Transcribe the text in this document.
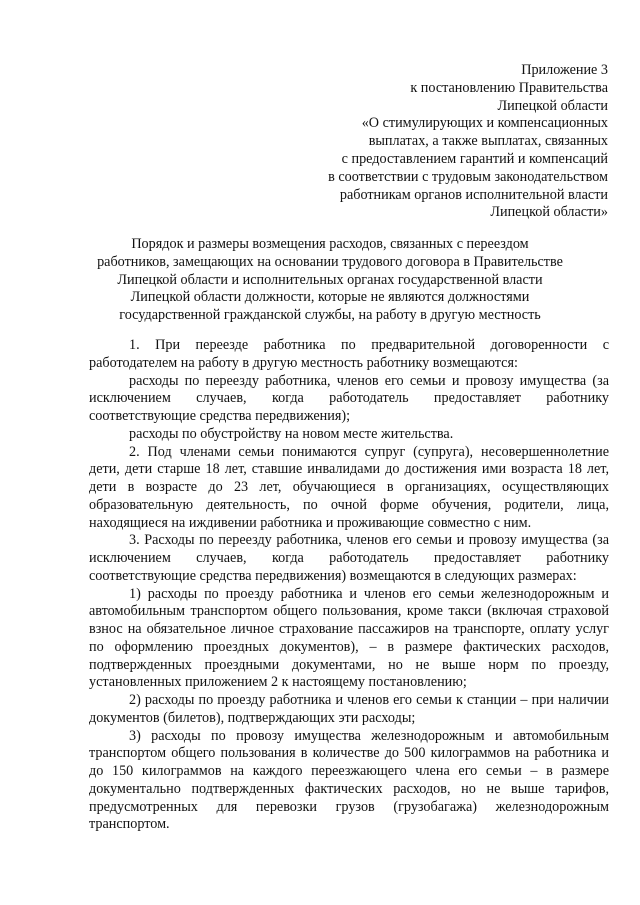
Приложение 3
к постановлению Правительства
Липецкой области
«О стимулирующих и компенсационных
выплатах, а также выплатах, связанных
с предоставлением гарантий и компенсаций
в соответствии с трудовым законодательством
работникам органов исполнительной власти
Липецкой области»
Порядок и размеры возмещения расходов, связанных с переездом
работников, замещающих на основании трудового договора в Правительстве
Липецкой области и исполнительных органах государственной власти
Липецкой области должности, которые не являются должностями
государственной гражданской службы, на работу в другую местность

1. При переезде работника по предварительной договоренности с работодателем на работу в другую местность работнику возмещаются:

расходы по переезду работника, членов его семьи и провозу имущества (за исключением случаев, когда работодатель предоставляет работнику соответствующие средства передвижения);

расходы по обустройству на новом месте жительства.

2. Под членами семьи понимаются супруг (супруга), несовершеннолетние дети, дети старше 18 лет, ставшие инвалидами до достижения ими возраста 18 лет, дети в возрасте до 23 лет, обучающиеся в организациях, осуществляющих образовательную деятельность, по очной форме обучения, родители, лица, находящиеся на иждивении работника и проживающие совместно с ним.

3. Расходы по переезду работника, членов его семьи и провозу имущества (за исключением случаев, когда работодатель предоставляет работнику соответствующие средства передвижения) возмещаются в следующих размерах:

1) расходы по проезду работника и членов его семьи железнодорожным и автомобильным транспортом общего пользования, кроме такси (включая страховой взнос на обязательное личное страхование пассажиров на транспорте, оплату услуг по оформлению проездных документов), – в размере фактических расходов, подтвержденных проездными документами, но не выше норм по проезду, установленных приложением 2 к настоящему постановлению;

2) расходы по проезду работника и членов его семьи к станции – при наличии документов (билетов), подтверждающих эти расходы;

3) расходы по провозу имущества железнодорожным и автомобильным транспортом общего пользования в количестве до 500 килограммов на работника и до 150 килограммов на каждого переезжающего члена его семьи – в размере документально подтвержденных фактических расходов, но не выше тарифов, предусмотренных для перевозки грузов (грузобагажа) железнодорожным транспортом.
